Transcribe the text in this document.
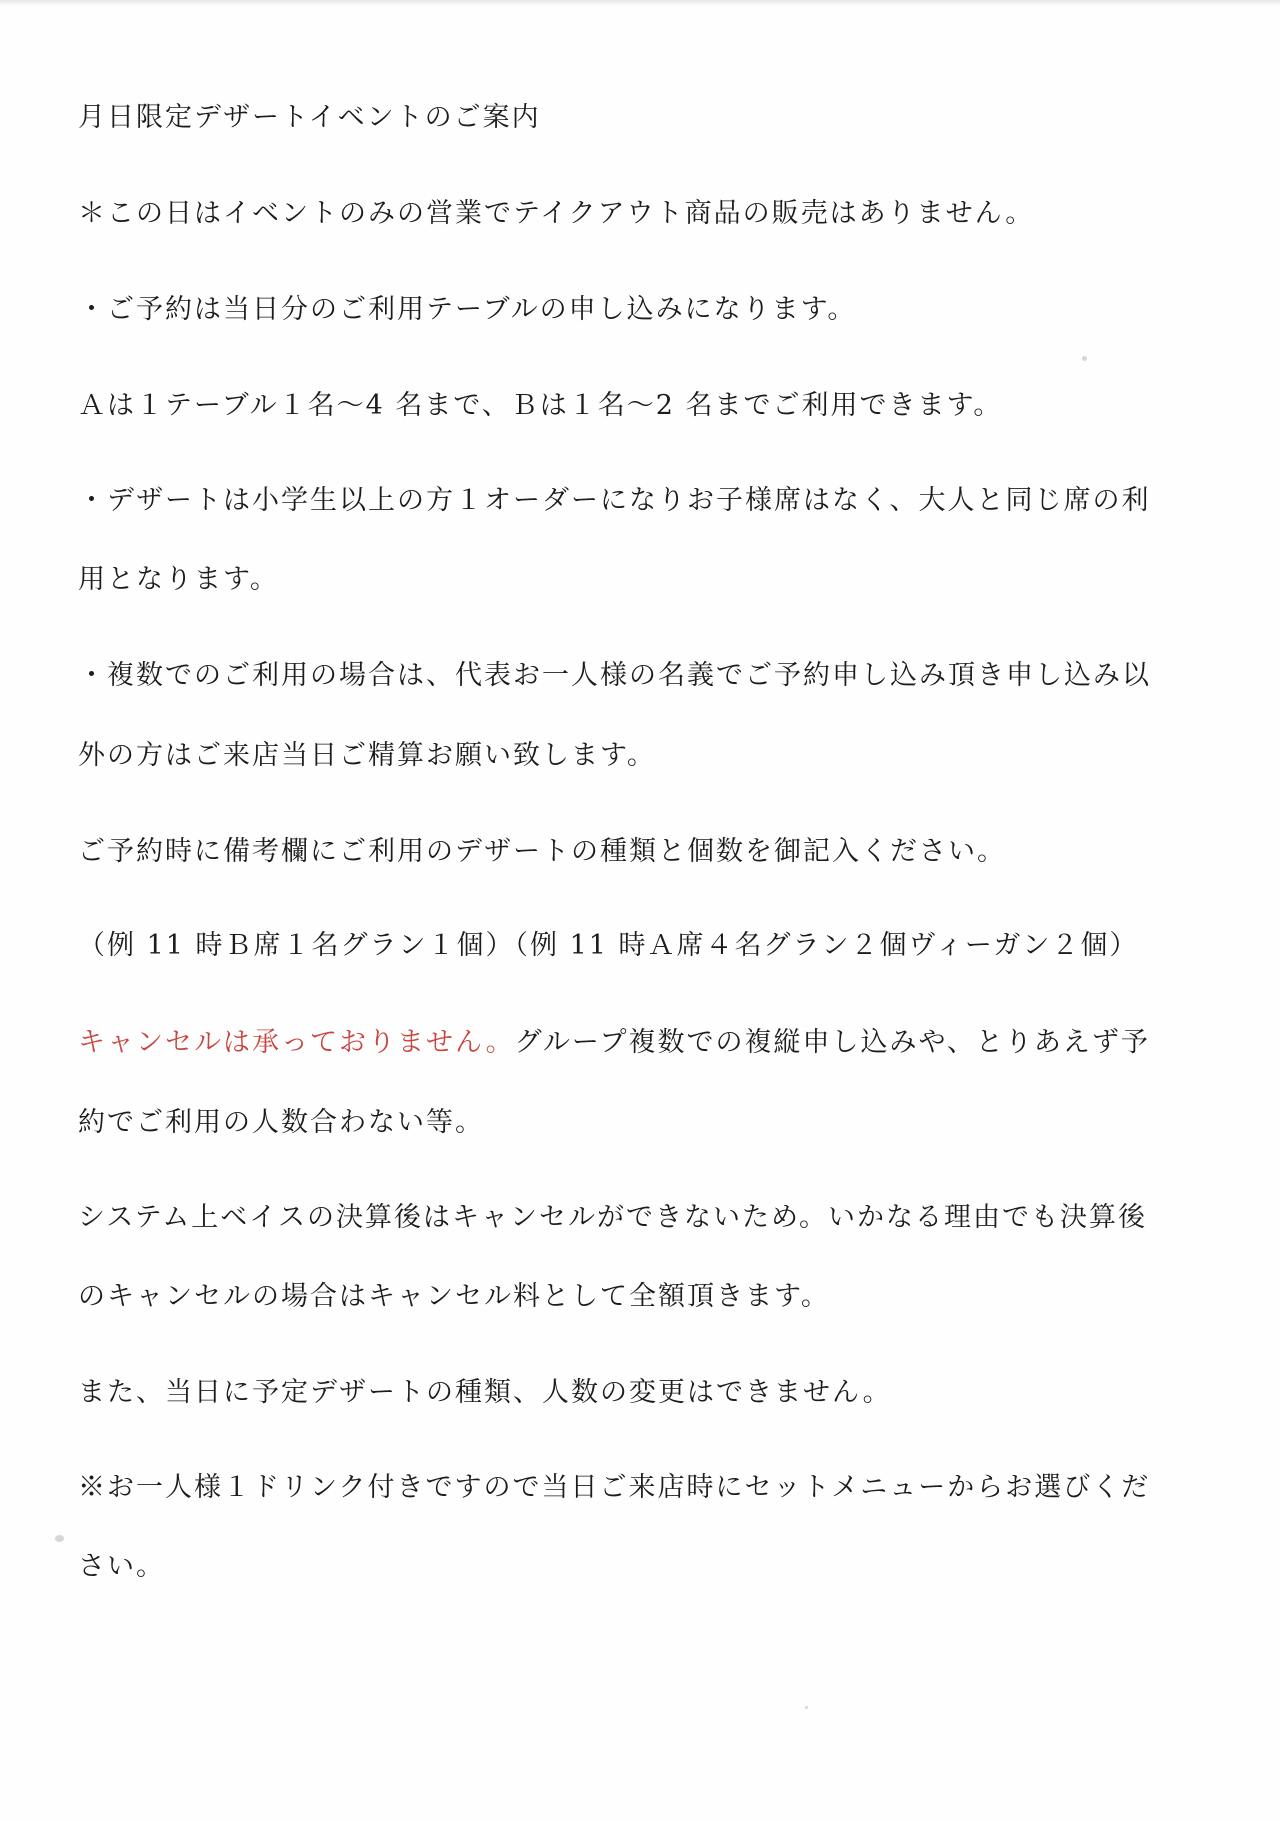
月日限定デザートイベントのご案内

＊この日はイベントのみの営業でテイクアウト商品の販売はありません。

・ご予約は当日分のご利用テーブルの申し込みになります。

Ａは１テーブル１名〜4 名まで、Ｂは１名〜2 名までご利用できます。

・デザートは小学生以上の方１オーダーになりお子様席はなく、大人と同じ席の利

用となります。

・複数でのご利用の場合は、代表お一人様の名義でご予約申し込み頂き申し込み以

外の方はご来店当日ご精算お願い致します。

ご予約時に備考欄にご利用のデザートの種類と個数を御記入ください。

（例 11 時Ｂ席１名グラン１個）（例 11 時Ａ席４名グラン２個ヴィーガン２個）

キャンセルは承っておりません。グループ複数での複縦申し込みや、とりあえず予

約でご利用の人数合わない等。

システム上ベイスの決算後はキャンセルができないため。いかなる理由でも決算後

のキャンセルの場合はキャンセル料として全額頂きます。

また、当日に予定デザートの種類、人数の変更はできません。

※お一人様１ドリンク付きですので当日ご来店時にセットメニューからお選びくだ

さい。
